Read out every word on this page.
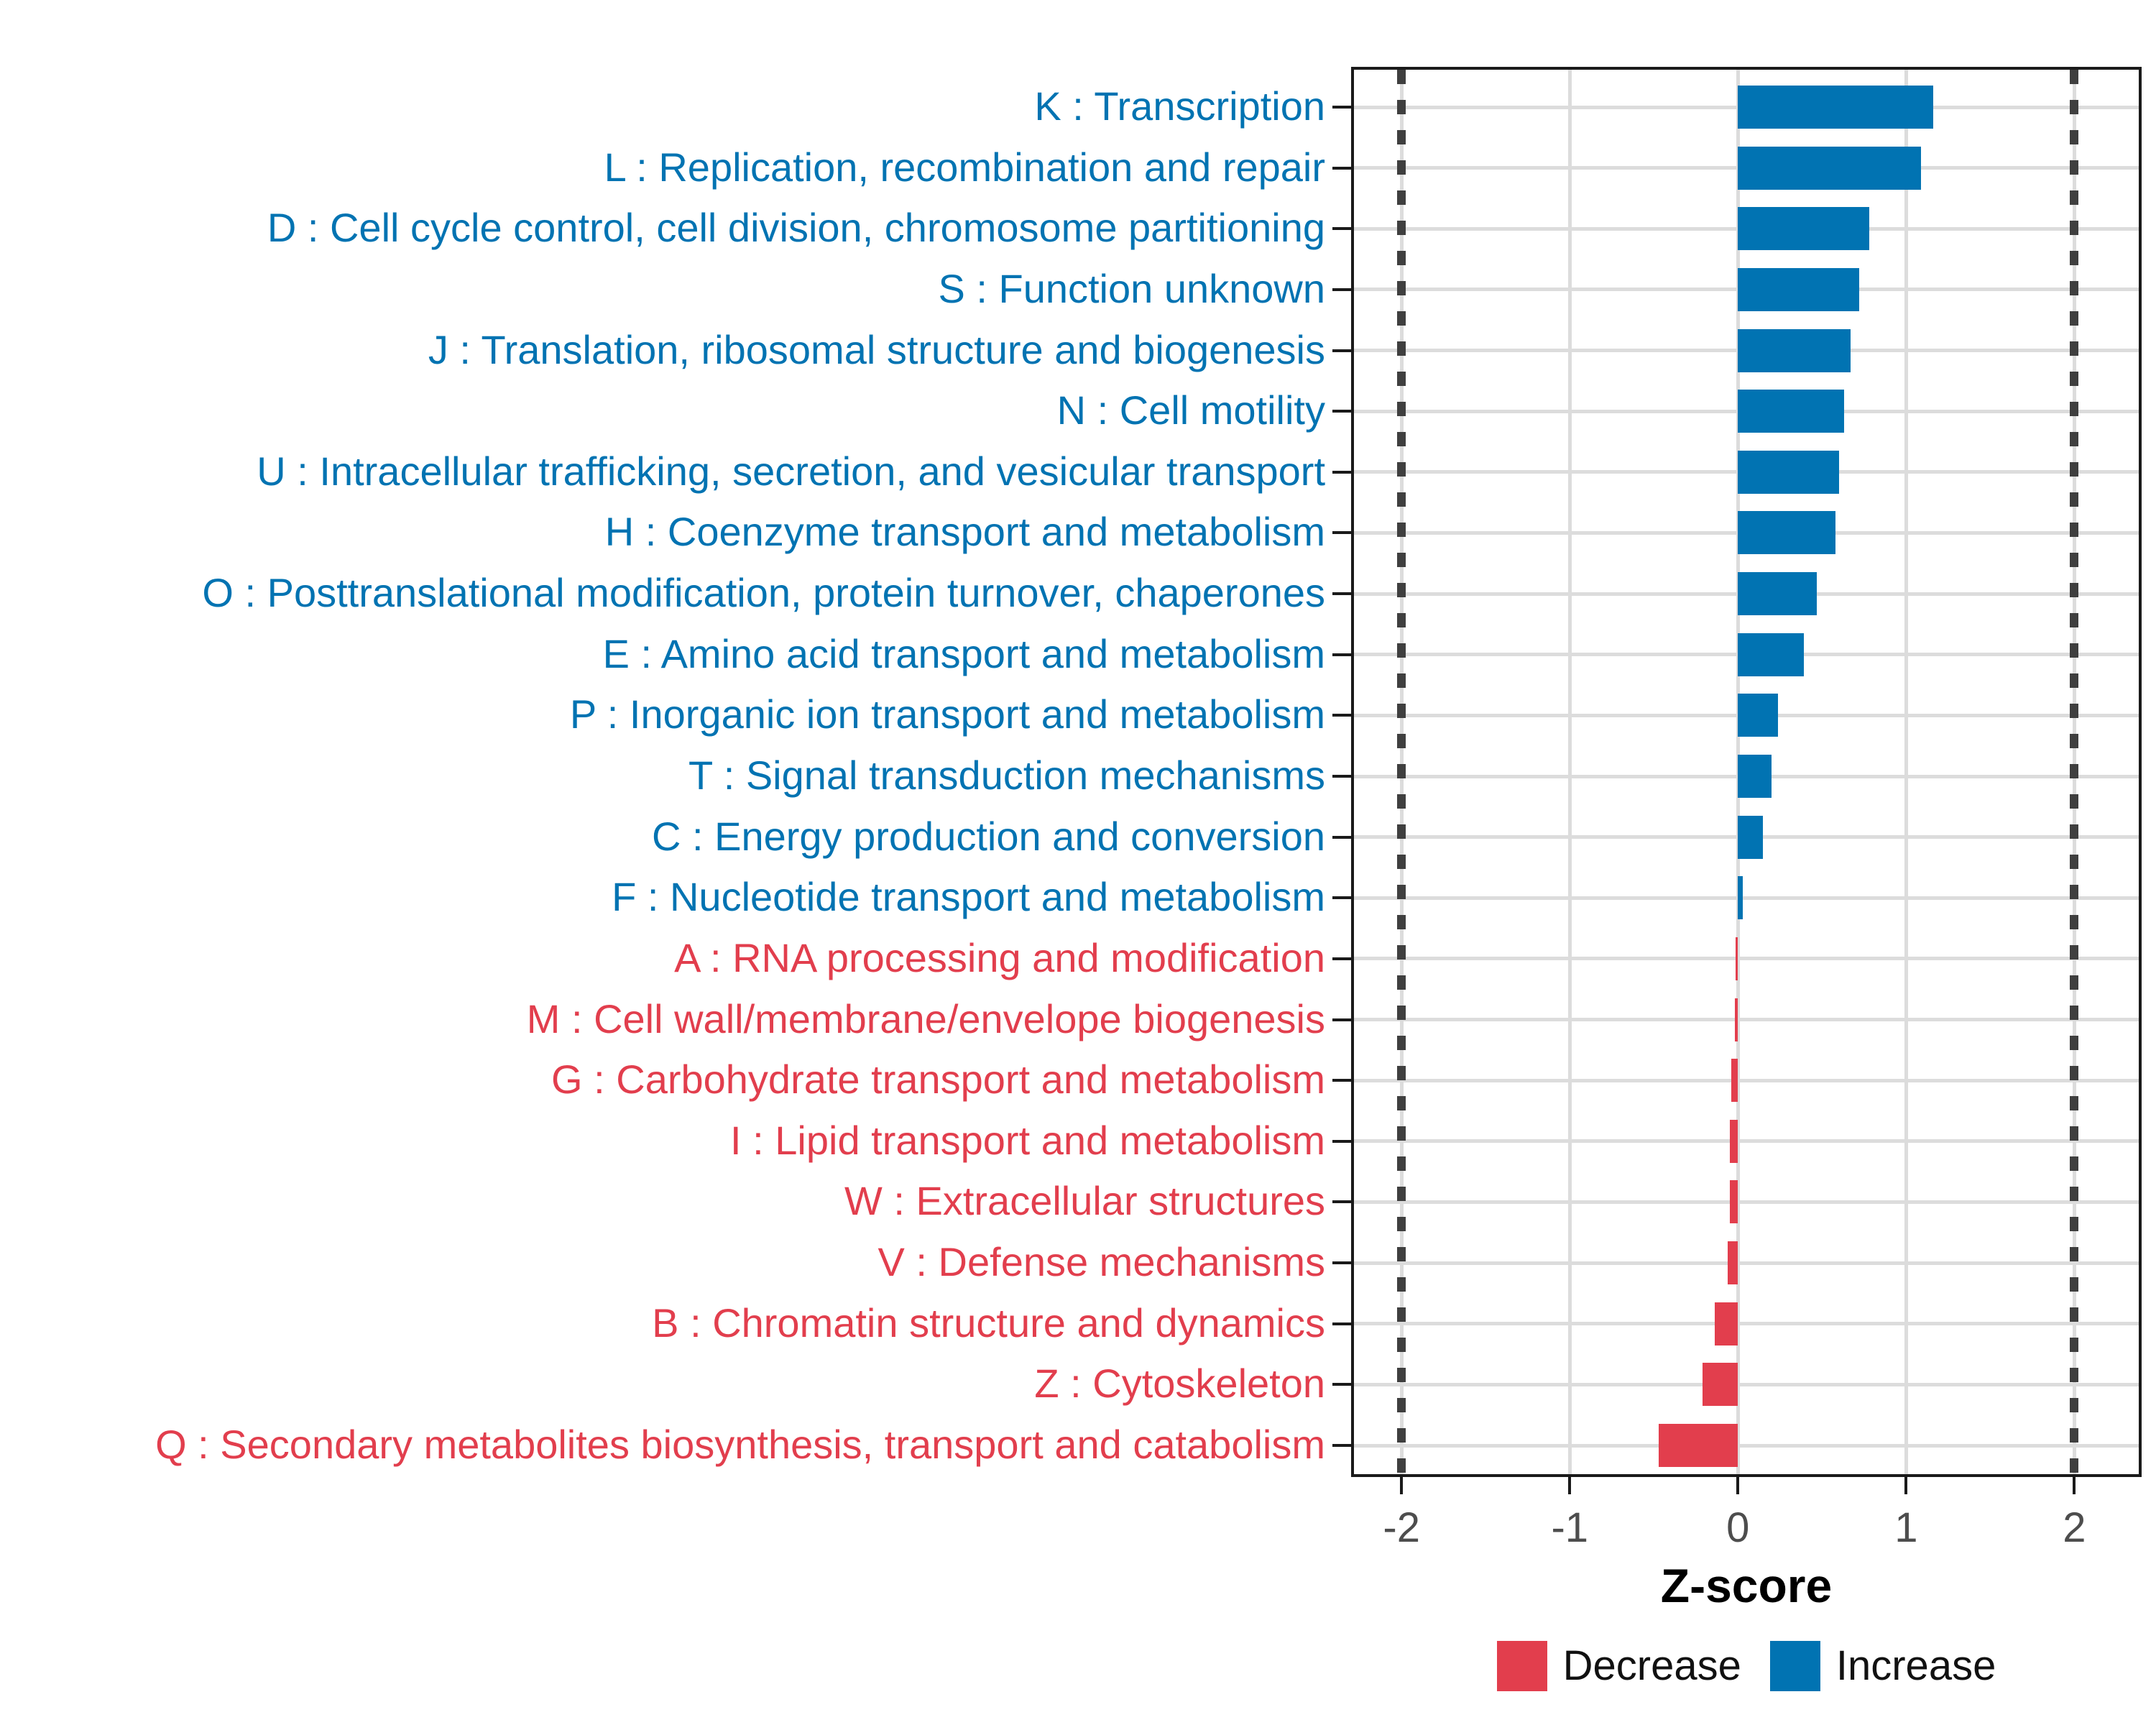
Z-score
Decrease Increase
K : Transcription
L : Replication, recombination and repair
D : Cell cycle control, cell division, chromosome partitioning
S : Function unknown
J : Translation, ribosomal structure and biogenesis
N : Cell motility
U : Intracellular trafficking, secretion, and vesicular transport
H : Coenzyme transport and metabolism
O : Posttranslational modification, protein turnover, chaperones
E : Amino acid transport and metabolism
P : Inorganic ion transport and metabolism
T : Signal transduction mechanisms
C : Energy production and conversion
F : Nucleotide transport and metabolism
A : RNA processing and modification
M : Cell wall/membrane/envelope biogenesis
G : Carbohydrate transport and metabolism
I : Lipid transport and metabolism
W : Extracellular structures
V : Defense mechanisms
B : Chromatin structure and dynamics
Z : Cytoskeleton
Q : Secondary metabolites biosynthesis, transport and catabolism
-2	-1	0	1	2
